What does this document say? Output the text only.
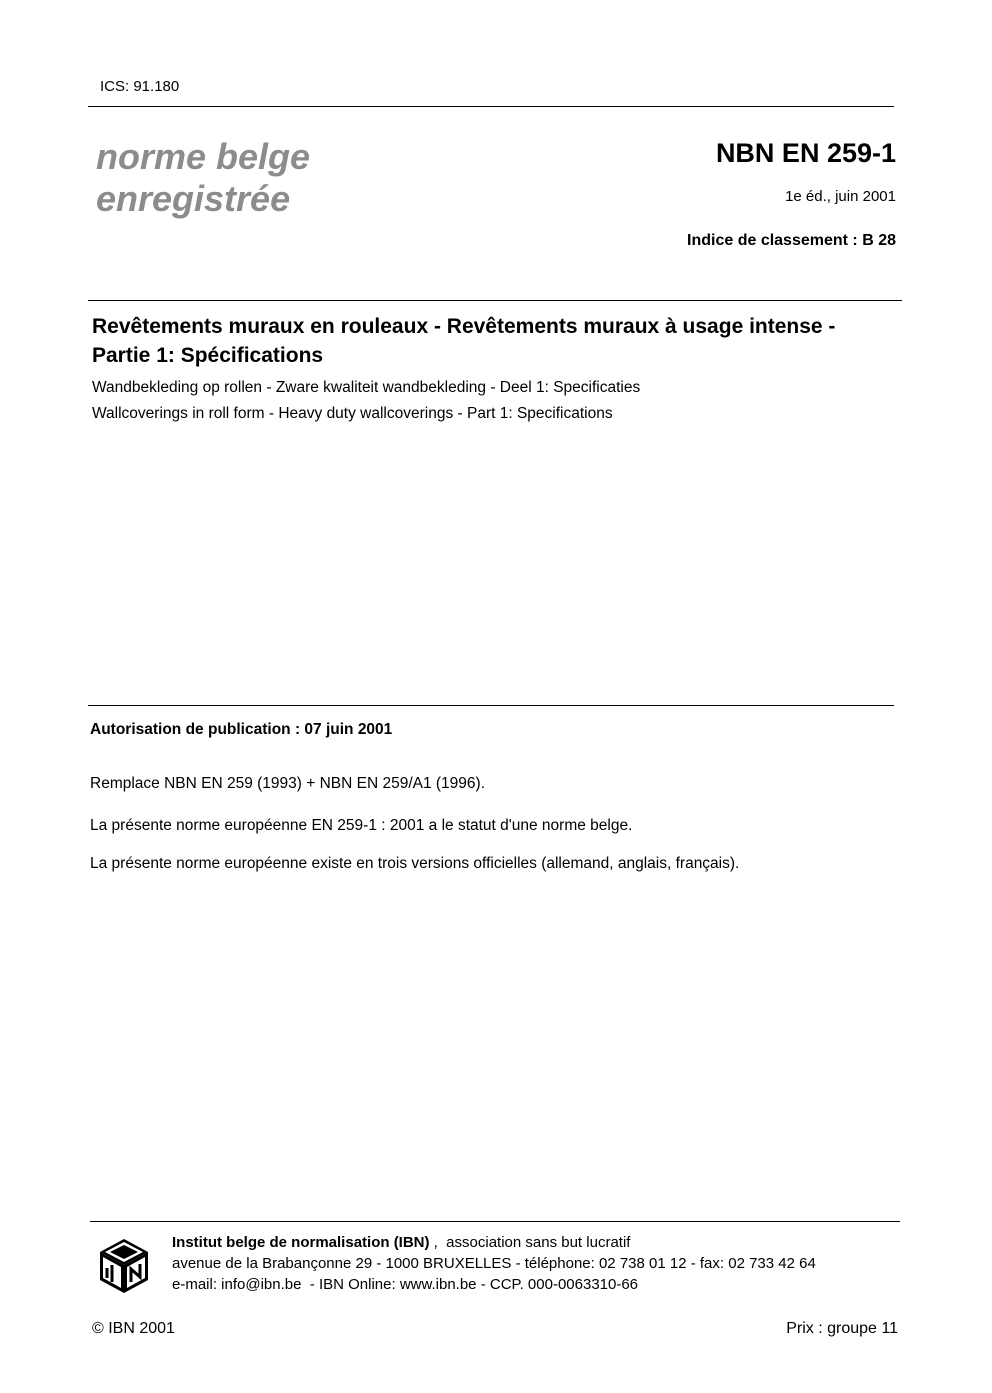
ICS: 91.180
norme belge
enregistrée
NBN EN 259-1
1e éd., juin 2001
Indice de classement : B 28
Revêtements muraux en rouleaux - Revêtements muraux à usage intense - Partie 1: Spécifications
Wandbekleding op rollen - Zware kwaliteit wandbekleding - Deel 1: Specificaties
Wallcoverings in roll form - Heavy duty wallcoverings - Part 1: Specifications
Autorisation de publication : 07 juin 2001
Remplace NBN EN 259 (1993) + NBN EN 259/A1 (1996).
La présente norme européenne EN 259-1 : 2001 a le statut d'une norme belge.
La présente norme européenne existe en trois versions officielles (allemand, anglais, français).
Institut belge de normalisation (IBN) ,  association sans but lucratif
avenue de la Brabançonne 29 - 1000 BRUXELLES - téléphone: 02 738 01 12 - fax: 02 733 42 64
e-mail: info@ibn.be  - IBN Online: www.ibn.be - CCP. 000-0063310-66
© IBN 2001	Prix : groupe 11
